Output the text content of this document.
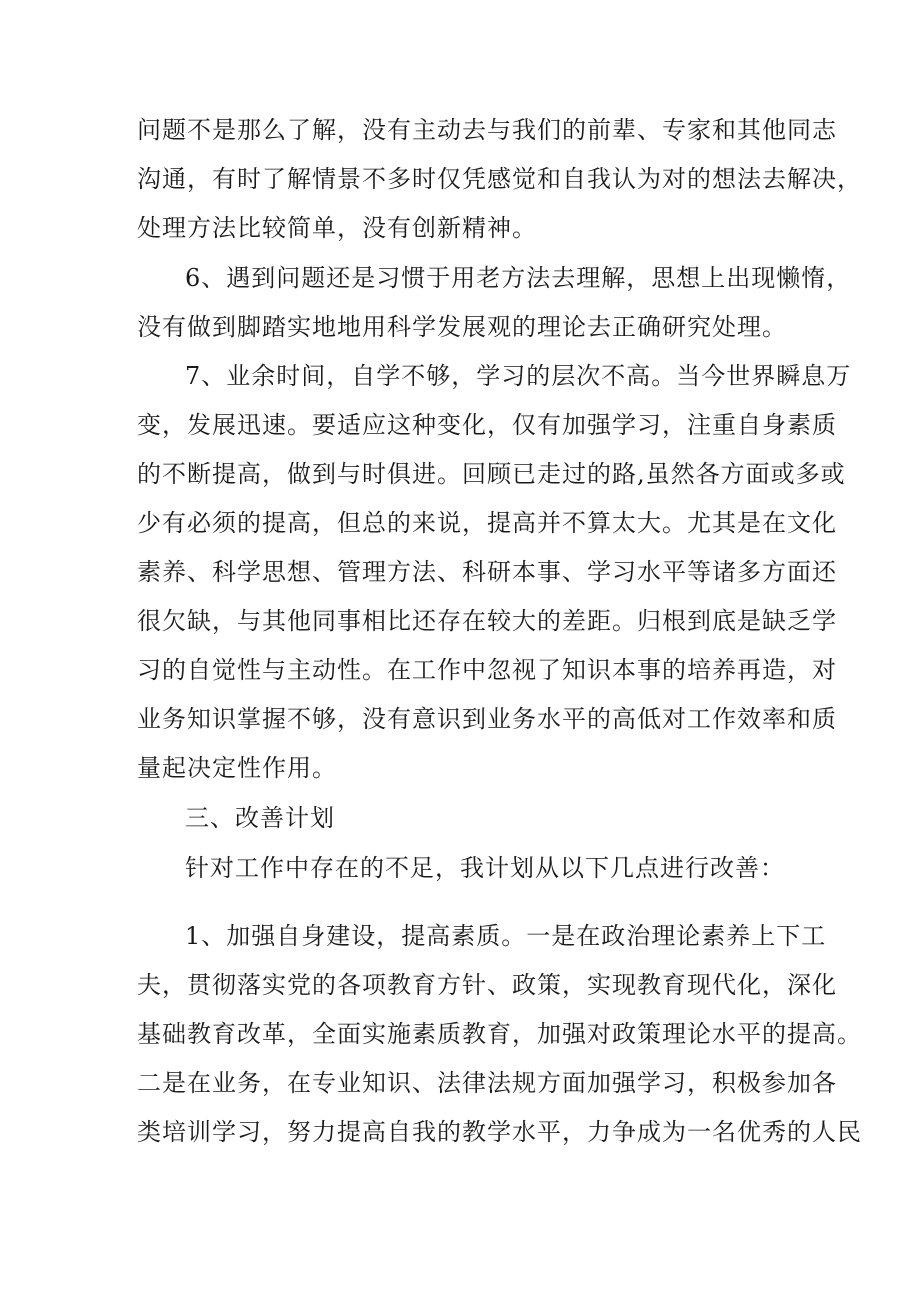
问题不是那么了解，没有主动去与我们的前辈、专家和其他同志
沟通，有时了解情景不多时仅凭感觉和自我认为对的想法去解决，
处理方法比较简单，没有创新精神。
6、遇到问题还是习惯于用老方法去理解，思想上出现懒惰，
没有做到脚踏实地地用科学发展观的理论去正确研究处理。
7、业余时间，自学不够，学习的层次不高。当今世界瞬息万
变，发展迅速。要适应这种变化，仅有加强学习，注重自身素质
的不断提高，做到与时俱进。回顾已走过的路,虽然各方面或多或
少有必须的提高，但总的来说，提高并不算太大。尤其是在文化
素养、科学思想、管理方法、科研本事、学习水平等诸多方面还
很欠缺，与其他同事相比还存在较大的差距。归根到底是缺乏学
习的自觉性与主动性。在工作中忽视了知识本事的培养再造，对
业务知识掌握不够，没有意识到业务水平的高低对工作效率和质
量起决定性作用。
三、改善计划
针对工作中存在的不足，我计划从以下几点进行改善：
1、加强自身建设，提高素质。一是在政治理论素养上下工
夫，贯彻落实党的各项教育方针、政策，实现教育现代化，深化
基础教育改革，全面实施素质教育，加强对政策理论水平的提高。
二是在业务，在专业知识、法律法规方面加强学习，积极参加各
类培训学习，努力提高自我的教学水平，力争成为一名优秀的人民
